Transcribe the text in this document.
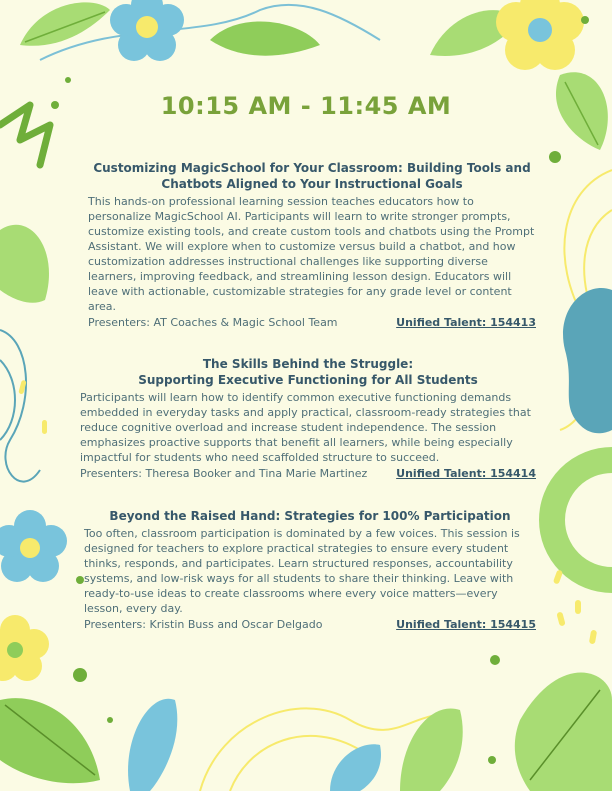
10:15 AM - 11:45 AM
Customizing MagicSchool for Your Classroom: Building Tools and
Chatbots Aligned to Your Instructional Goals

This hands-on professional learning session teaches educators how to personalize MagicSchool AI. Participants will learn to write stronger prompts, customize existing tools, and create custom tools and chatbots using the Prompt Assistant. We will explore when to customize versus build a chatbot, and how customization addresses instructional challenges like supporting diverse learners, improving feedback, and streamlining lesson design. Educators will leave with actionable, customizable strategies for any grade level or content area.

Presenters: AT Coaches & Magic School Team	Unified Talent: 154413
The Skills Behind the Struggle:
Supporting Executive Functioning for All Students

Participants will learn how to identify common executive functioning demands embedded in everyday tasks and apply practical, classroom-ready strategies that reduce cognitive overload and increase student independence. The session emphasizes proactive supports that benefit all learners, while being especially impactful for students who need scaffolded structure to succeed.

Presenters: Theresa Booker and Tina Marie Martinez	Unified Talent: 154414
Beyond the Raised Hand: Strategies for 100% Participation

Too often, classroom participation is dominated by a few voices. This session is designed for teachers to explore practical strategies to ensure every student thinks, responds, and participates. Learn structured responses, accountability systems, and low-risk ways for all students to share their thinking. Leave with ready-to-use ideas to create classrooms where every voice matters—every lesson, every day.

Presenters: Kristin Buss and Oscar Delgado	Unified Talent: 154415
